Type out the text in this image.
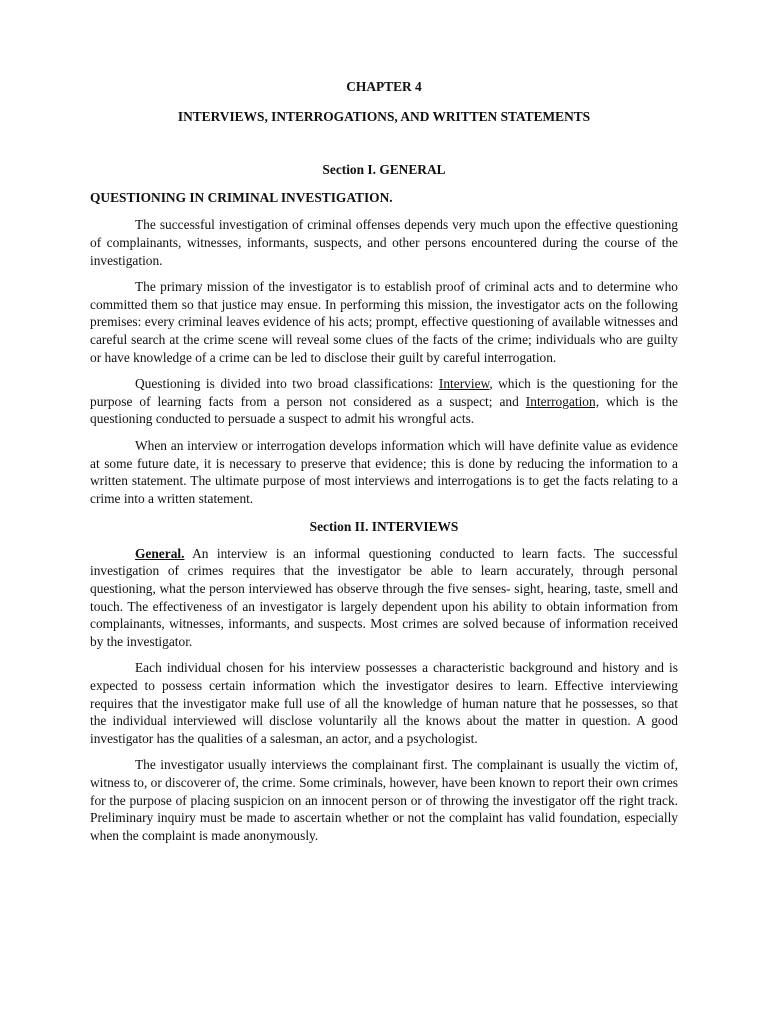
CHAPTER 4

INTERVIEWS, INTERROGATIONS, AND WRITTEN STATEMENTS

Section I. GENERAL

QUESTIONING IN CRIMINAL INVESTIGATION.

The successful investigation of criminal offenses depends very much upon the effective questioning of complainants, witnesses, informants, suspects, and other persons encountered during the course of the investigation.

The primary mission of the investigator is to establish proof of criminal acts and to determine who committed them so that justice may ensue. In performing this mission, the investigator acts on the following premises: every criminal leaves evidence of his acts; prompt, effective questioning of available witnesses and careful search at the crime scene will reveal some clues of the facts of the crime; individuals who are guilty or have knowledge of a crime can be led to disclose their guilt by careful interrogation.

Questioning is divided into two broad classifications: Interview, which is the questioning for the purpose of learning facts from a person not considered as a suspect; and Interrogation, which is the questioning conducted to persuade a suspect to admit his wrongful acts.

When an interview or interrogation develops information which will have definite value as evidence at some future date, it is necessary to preserve that evidence; this is done by reducing the information to a written statement. The ultimate purpose of most interviews and interrogations is to get the facts relating to a crime into a written statement.

Section II. INTERVIEWS

General. An interview is an informal questioning conducted to learn facts. The successful investigation of crimes requires that the investigator be able to learn accurately, through personal questioning, what the person interviewed has observe through the five senses- sight, hearing, taste, smell and touch. The effectiveness of an investigator is largely dependent upon his ability to obtain information from complainants, witnesses, informants, and suspects. Most crimes are solved because of information received by the investigator.

Each individual chosen for his interview possesses a characteristic background and history and is expected to possess certain information which the investigator desires to learn. Effective interviewing requires that the investigator make full use of all the knowledge of human nature that he possesses, so that the individual interviewed will disclose voluntarily all the knows about the matter in question. A good investigator has the qualities of a salesman, an actor, and a psychologist.

The investigator usually interviews the complainant first. The complainant is usually the victim of, witness to, or discoverer of, the crime. Some criminals, however, have been known to report their own crimes for the purpose of placing suspicion on an innocent person or of throwing the investigator off the right track. Preliminary inquiry must be made to ascertain whether or not the complaint has valid foundation, especially when the complaint is made anonymously.
